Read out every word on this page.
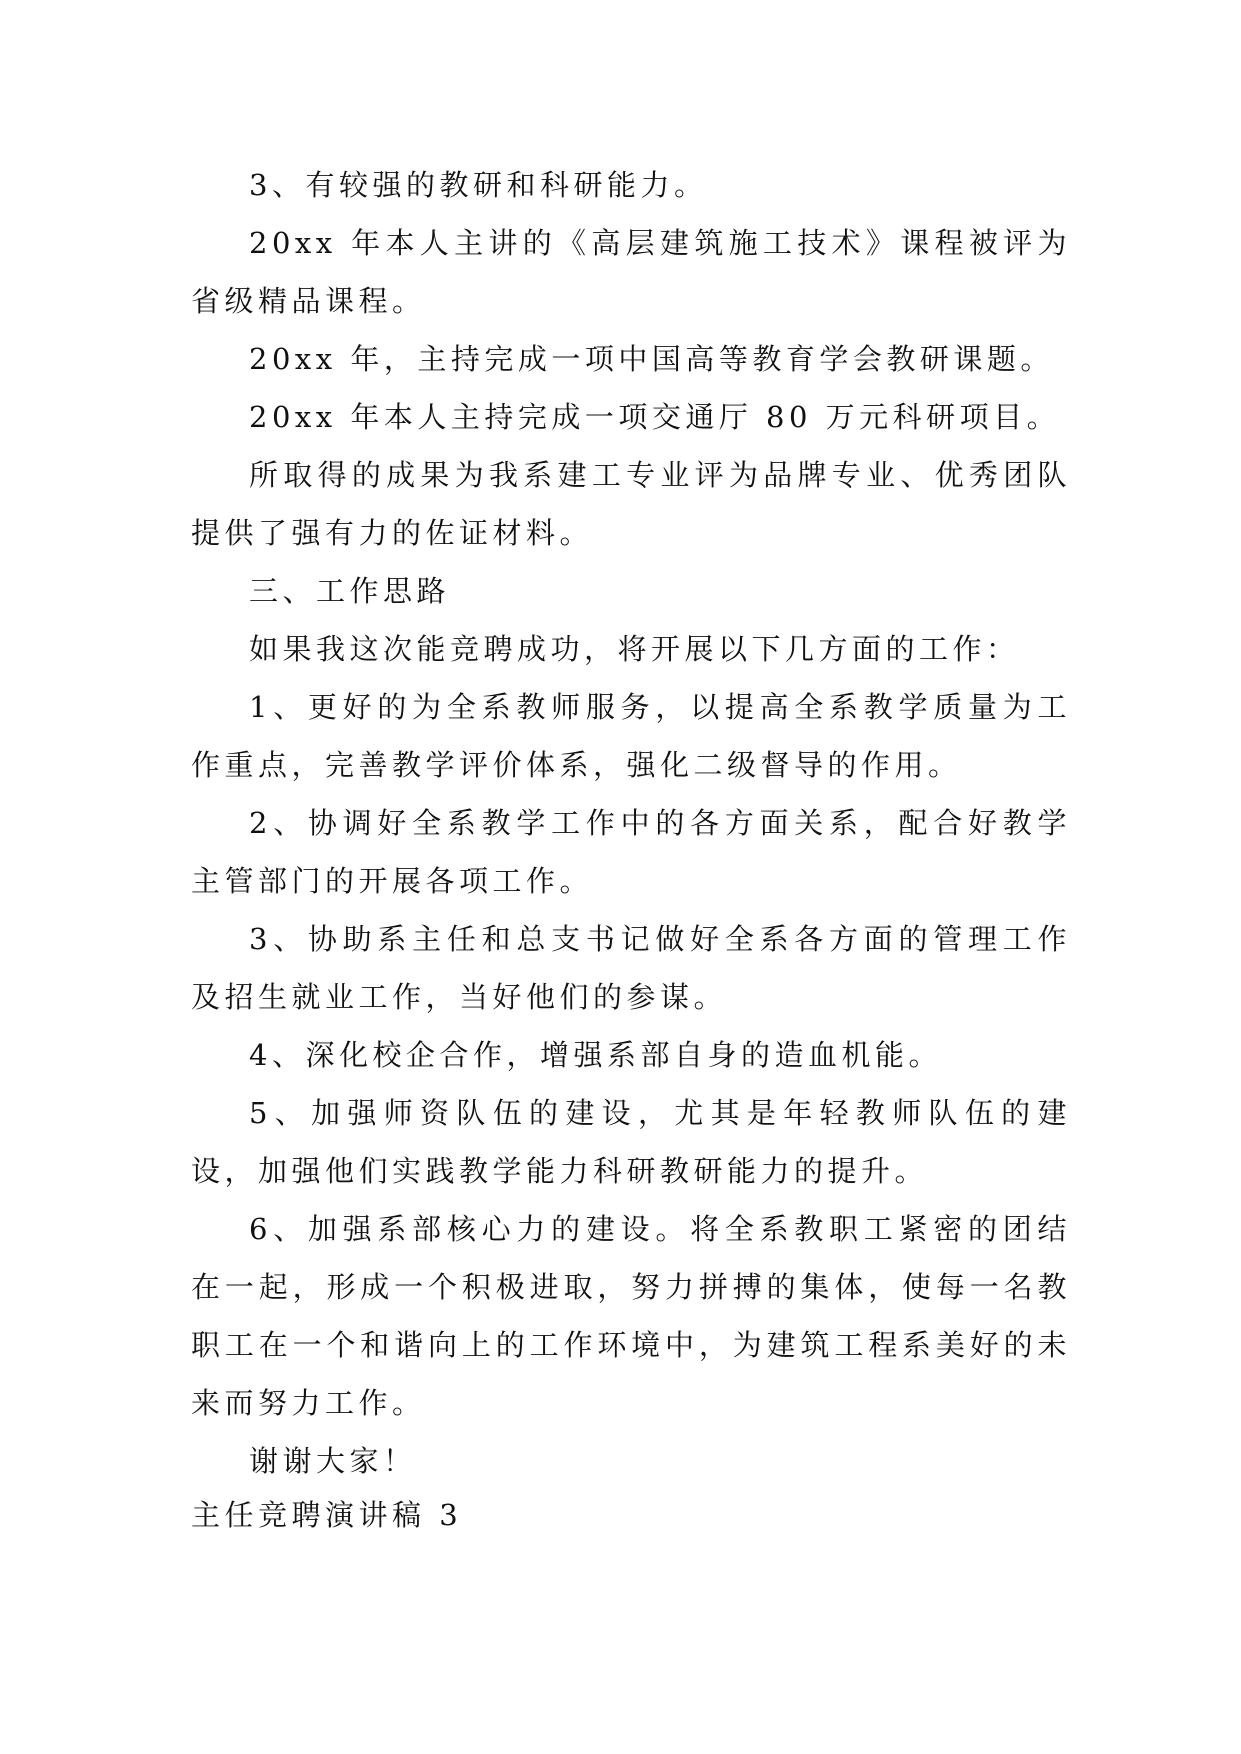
3、有较强的教研和科研能力。

20xx 年本人主讲的《高层建筑施工技术》课程被评为省级精品课程。

20xx 年，主持完成一项中国高等教育学会教研课题。

20xx 年本人主持完成一项交通厅 80 万元科研项目。

所取得的成果为我系建工专业评为品牌专业、优秀团队提供了强有力的佐证材料。

三、工作思路

如果我这次能竞聘成功，将开展以下几方面的工作：

1、更好的为全系教师服务，以提高全系教学质量为工作重点，完善教学评价体系，强化二级督导的作用。

2、协调好全系教学工作中的各方面关系，配合好教学主管部门的开展各项工作。

3、协助系主任和总支书记做好全系各方面的管理工作及招生就业工作，当好他们的参谋。

4、深化校企合作，增强系部自身的造血机能。

5、加强师资队伍的建设，尤其是年轻教师队伍的建设，加强他们实践教学能力科研教研能力的提升。

6、加强系部核心力的建设。将全系教职工紧密的团结在一起，形成一个积极进取，努力拼搏的集体，使每一名教职工在一个和谐向上的工作环境中，为建筑工程系美好的未来而努力工作。

谢谢大家！

主任竞聘演讲稿 3
